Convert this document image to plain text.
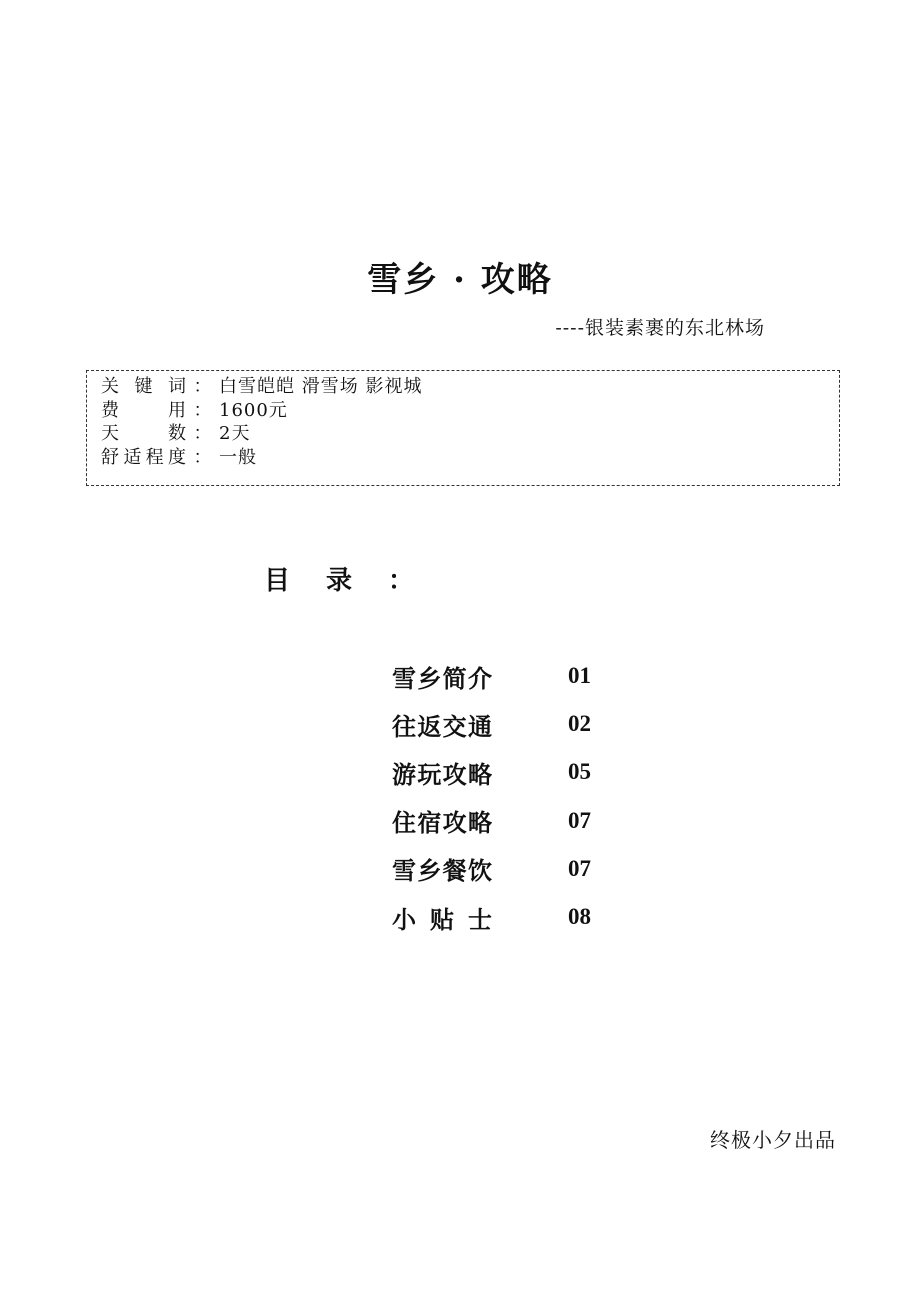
雪乡 · 攻略
----银装素裹的东北林场
关 键 词 ： 白雪皑皑 滑雪场 影视城
费	用 ： 1600元
天	数 ： 2天
舒 适 程 度 ： 一般
目 录 ：
雪 乡 简 介	01
往 返 交 通	02
游 玩 攻 略	05
住 宿 攻 略	07
雪 乡 餐 饮	07
小 贴 士	08
终极小夕出品
